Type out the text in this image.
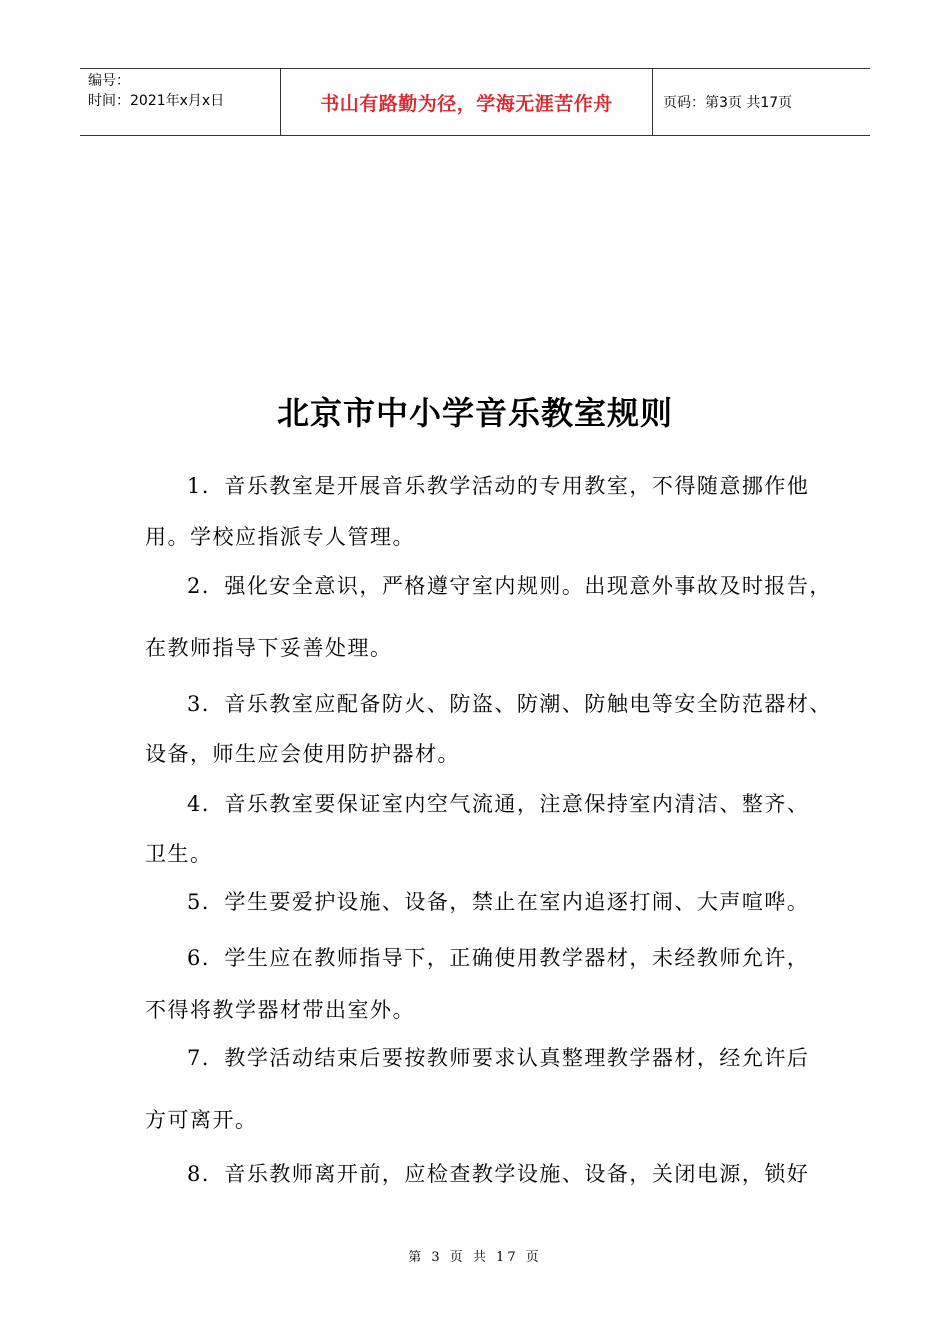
编号：
时间：2021年x月x日	书山有路勤为径，学海无涯苦作舟	页码：第3页 共17页
北京市中小学音乐教室规则
1．音乐教室是开展音乐教学活动的专用教室，不得随意挪作他
用。学校应指派专人管理。
2．强化安全意识，严格遵守室内规则。出现意外事故及时报告，
在教师指导下妥善处理。
3．音乐教室应配备防火、防盗、防潮、防触电等安全防范器材、
设备，师生应会使用防护器材。
4．音乐教室要保证室内空气流通，注意保持室内清洁、整齐、
卫生。
5．学生要爱护设施、设备，禁止在室内追逐打闹、大声喧哗。
6．学生应在教师指导下，正确使用教学器材，未经教师允许，
不得将教学器材带出室外。
7．教学活动结束后要按教师要求认真整理教学器材，经允许后
方可离开。
8．音乐教师离开前，应检查教学设施、设备，关闭电源，锁好
第 3 页 共 17 页
